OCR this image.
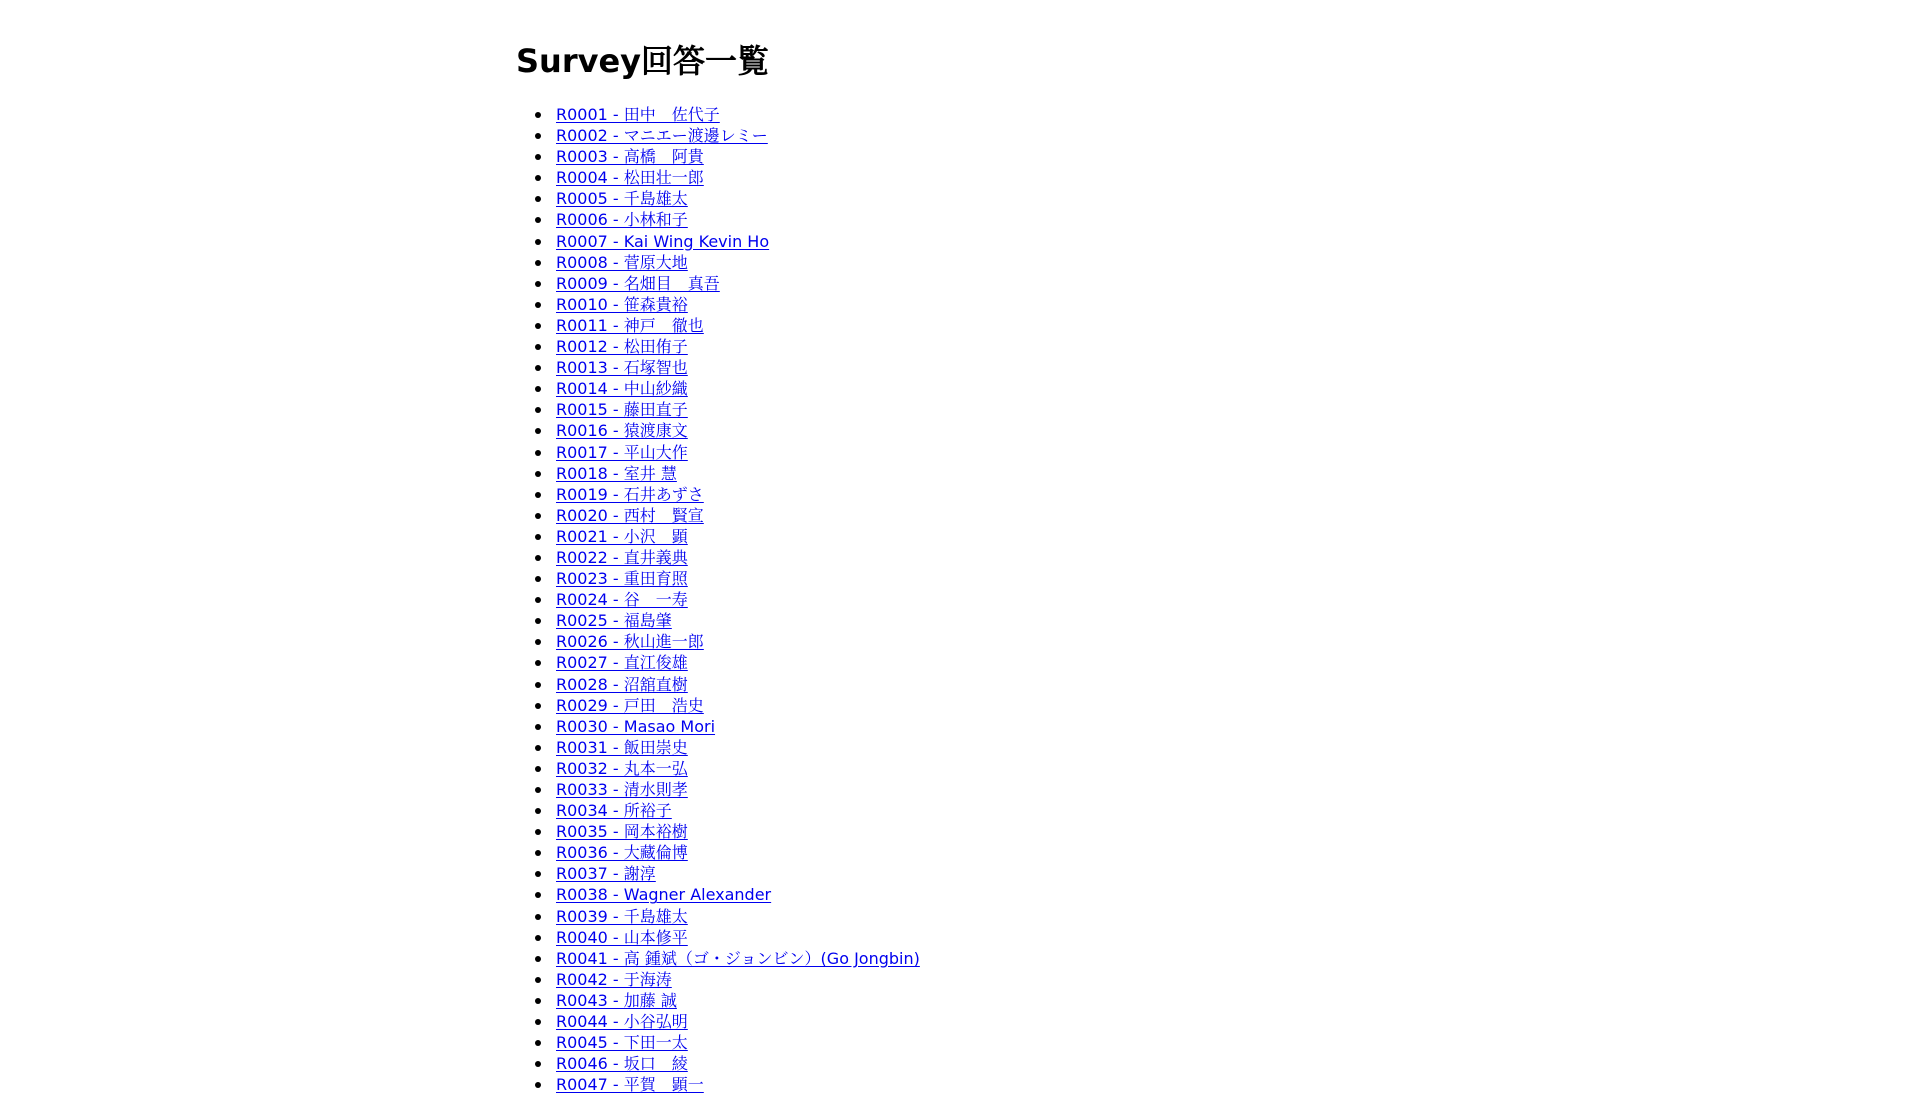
Survey回答一覧
R0001 - 田中　佐代子
R0002 - マニエー渡邊レミー
R0003 - 高橋　阿貴
R0004 - 松田壮一郎
R0005 - 千島雄太
R0006 - 小林和子
R0007 - Kai Wing Kevin Ho
R0008 - 菅原大地
R0009 - 名畑目　真吾
R0010 - 笹森貴裕
R0011 - 神戸　徹也
R0012 - 松田侑子
R0013 - 石塚智也
R0014 - 中山紗織
R0015 - 藤田直子
R0016 - 猿渡康文
R0017 - 平山大作
R0018 - 室井 慧
R0019 - 石井あずさ
R0020 - 西村　賢宣
R0021 - 小沢　顕
R0022 - 直井義典
R0023 - 重田育照
R0024 - 谷　一寿
R0025 - 福島肇
R0026 - 秋山進一郎
R0027 - 直江俊雄
R0028 - 沼舘直樹
R0029 - 戸田　浩史
R0030 - Masao Mori
R0031 - 飯田崇史
R0032 - 丸本一弘
R0033 - 清水則孝
R0034 - 所裕子
R0035 - 岡本裕樹
R0036 - 大藏倫博
R0037 - 謝淳
R0038 - Wagner Alexander
R0039 - 千島雄太
R0040 - 山本修平
R0041 - 高 鍾斌（ゴ・ジョンビン）(Go Jongbin)
R0042 - 于海涛
R0043 - 加藤 誠
R0044 - 小谷弘明
R0045 - 下田一太
R0046 - 坂口　綾
R0047 - 平賀　顕一
